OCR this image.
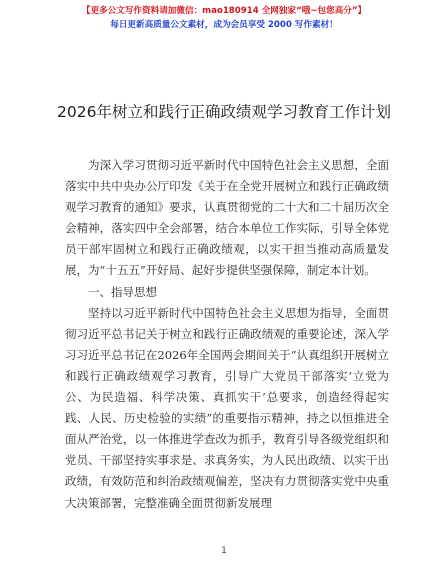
【更多公文写作资料请加微信：mao180914 全网独家“哦~包您高分”】
每日更新高质量公文素材，成为会员享受 2000 写作素材！
2026年树立和践行正确政绩观学习教育工作计划

为深入学习贯彻习近平新时代中国特色社会主义思想，全面落实中共中央办公厅印发《关于在全党开展树立和践行正确政绩观学习教育的通知》要求，认真贯彻党的二十大和二十届历次全会精神，落实四中全会部署，结合本单位工作实际，引导全体党员干部牢固树立和践行正确政绩观，以实干担当推动高质量发展，为“十五五”开好局、起好步提供坚强保障，制定本计划。

一、指导思想

坚持以习近平新时代中国特色社会主义思想为指导，全面贯彻习近平总书记关于树立和践行正确政绩观的重要论述，深入学习习近平总书记在2026年全国两会期间关于“认真组织开展树立和践行正确政绩观学习教育，引导广大党员干部落实‘立党为公、为民造福、科学决策、真抓实干’总要求，创造经得起实践、人民、历史检验的实绩”的重要指示精神，持之以恒推进全面从严治党，以一体推进学查改为抓手，教育引导各级党组织和党员、干部坚持实事求是、求真务实，为人民出政绩、以实干出政绩，有效防范和纠治政绩观偏差，坚决有力贯彻落实党中央重大决策部署，完整准确全面贯彻新发展理

1
